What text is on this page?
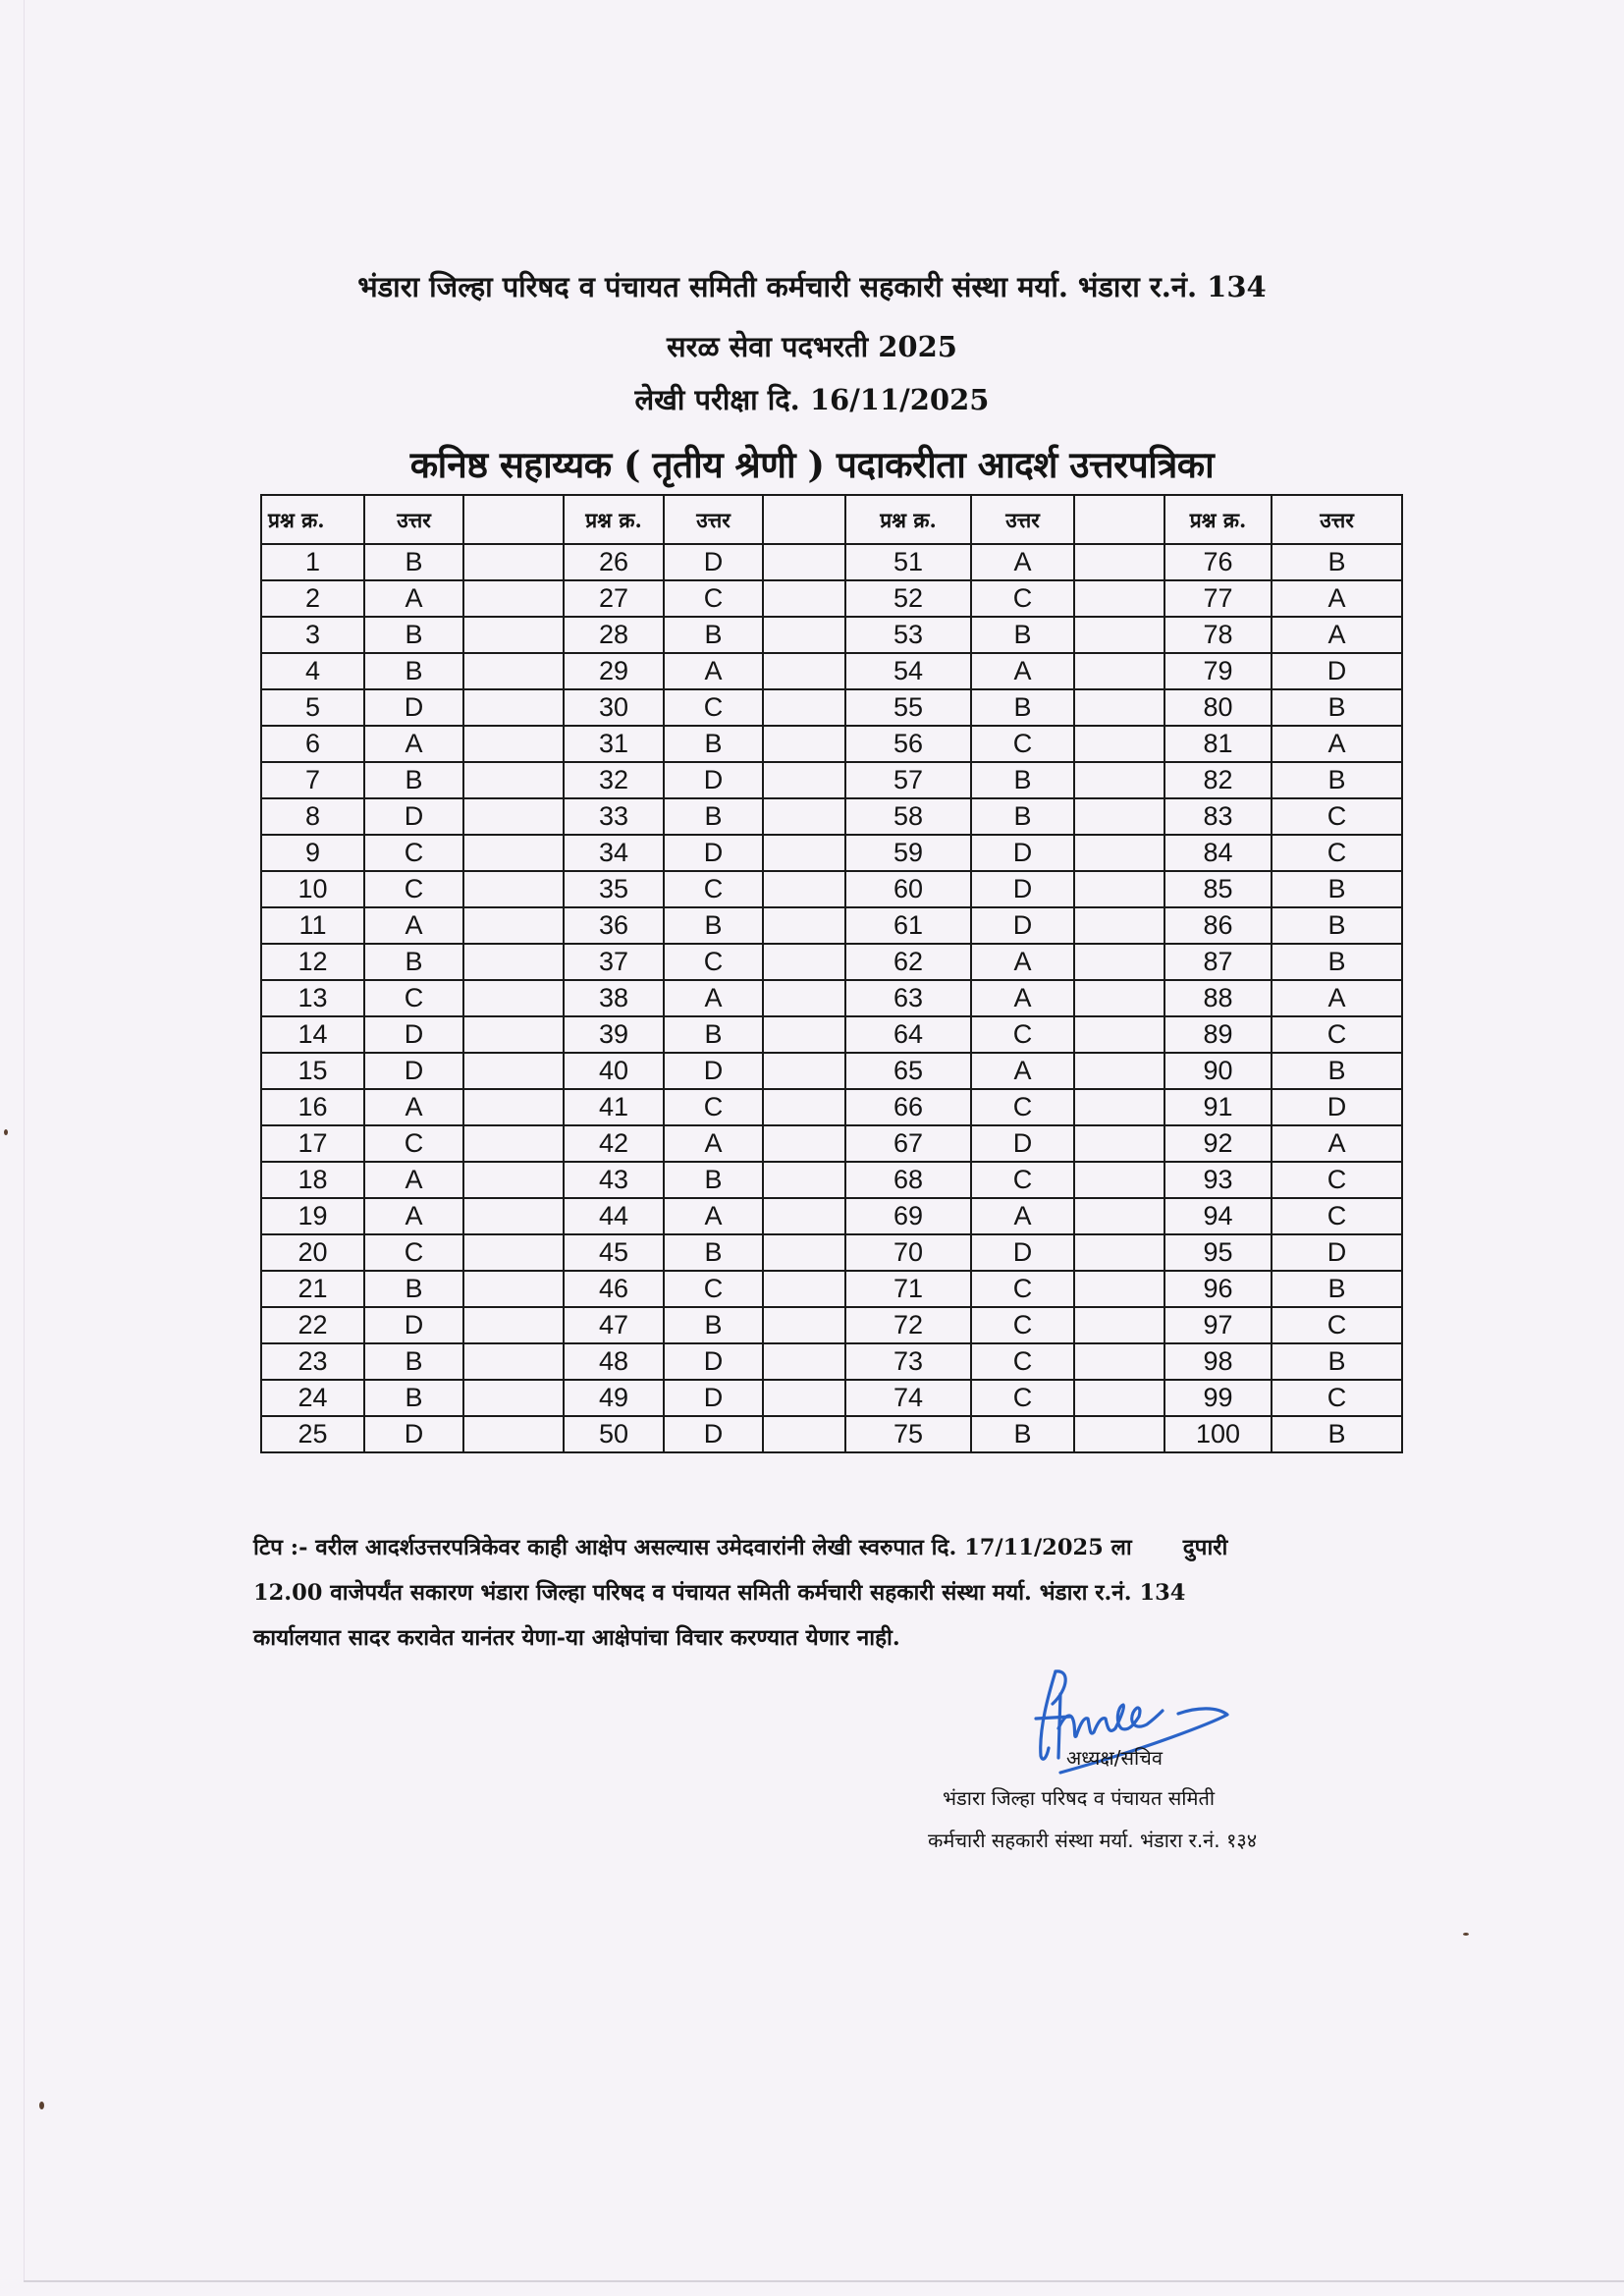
भंडारा जिल्हा परिषद व पंचायत समिती कर्मचारी सहकारी संस्था मर्या. भंडारा र.नं. 134
सरळ सेवा पदभरती 2025
लेखी परीक्षा दि. 16/11/2025
कनिष्ठ सहाय्यक ( तृतीय श्रेणी ) पदाकरीता आदर्श उत्तरपत्रिका
प्रश्न क्र.	उत्तर		प्रश्न क्र.	उत्तर		प्रश्न क्र.	उत्तर		प्रश्न क्र.	उत्तर
1	B		26	D		51	A		76	B
2	A		27	C		52	C		77	A
3	B		28	B		53	B		78	A
4	B		29	A		54	A		79	D
5	D		30	C		55	B		80	B
6	A		31	B		56	C		81	A
7	B		32	D		57	B		82	B
8	D		33	B		58	B		83	C
9	C		34	D		59	D		84	C
10	C		35	C		60	D		85	B
11	A		36	B		61	D		86	B
12	B		37	C		62	A		87	B
13	C		38	A		63	A		88	A
14	D		39	B		64	C		89	C
15	D		40	D		65	A		90	B
16	A		41	C		66	C		91	D
17	C		42	A		67	D		92	A
18	A		43	B		68	C		93	C
19	A		44	A		69	A		94	C
20	C		45	B		70	D		95	D
21	B		46	C		71	C		96	B
22	D		47	B		72	C		97	C
23	B		48	D		73	C		98	B
24	B		49	D		74	C		99	C
25	D		50	D		75	B		100	B
टिप :- वरील आदर्शउत्तरपत्रिकेवर काही आक्षेप असल्यास उमेदवारांनी लेखी स्वरुपात दि. 17/11/2025 ला दुपारी
12.00 वाजेपर्यंत सकारण भंडारा जिल्हा परिषद व पंचायत समिती कर्मचारी सहकारी संस्था मर्या. भंडारा र.नं. 134
कार्यालयात सादर करावेत यानंतर येणा-या आक्षेपांचा विचार करण्यात येणार नाही.
अध्यक्ष/सचिव
भंडारा जिल्हा परिषद व पंचायत समिती
कर्मचारी सहकारी संस्था मर्या. भंडारा र.नं. १३४
